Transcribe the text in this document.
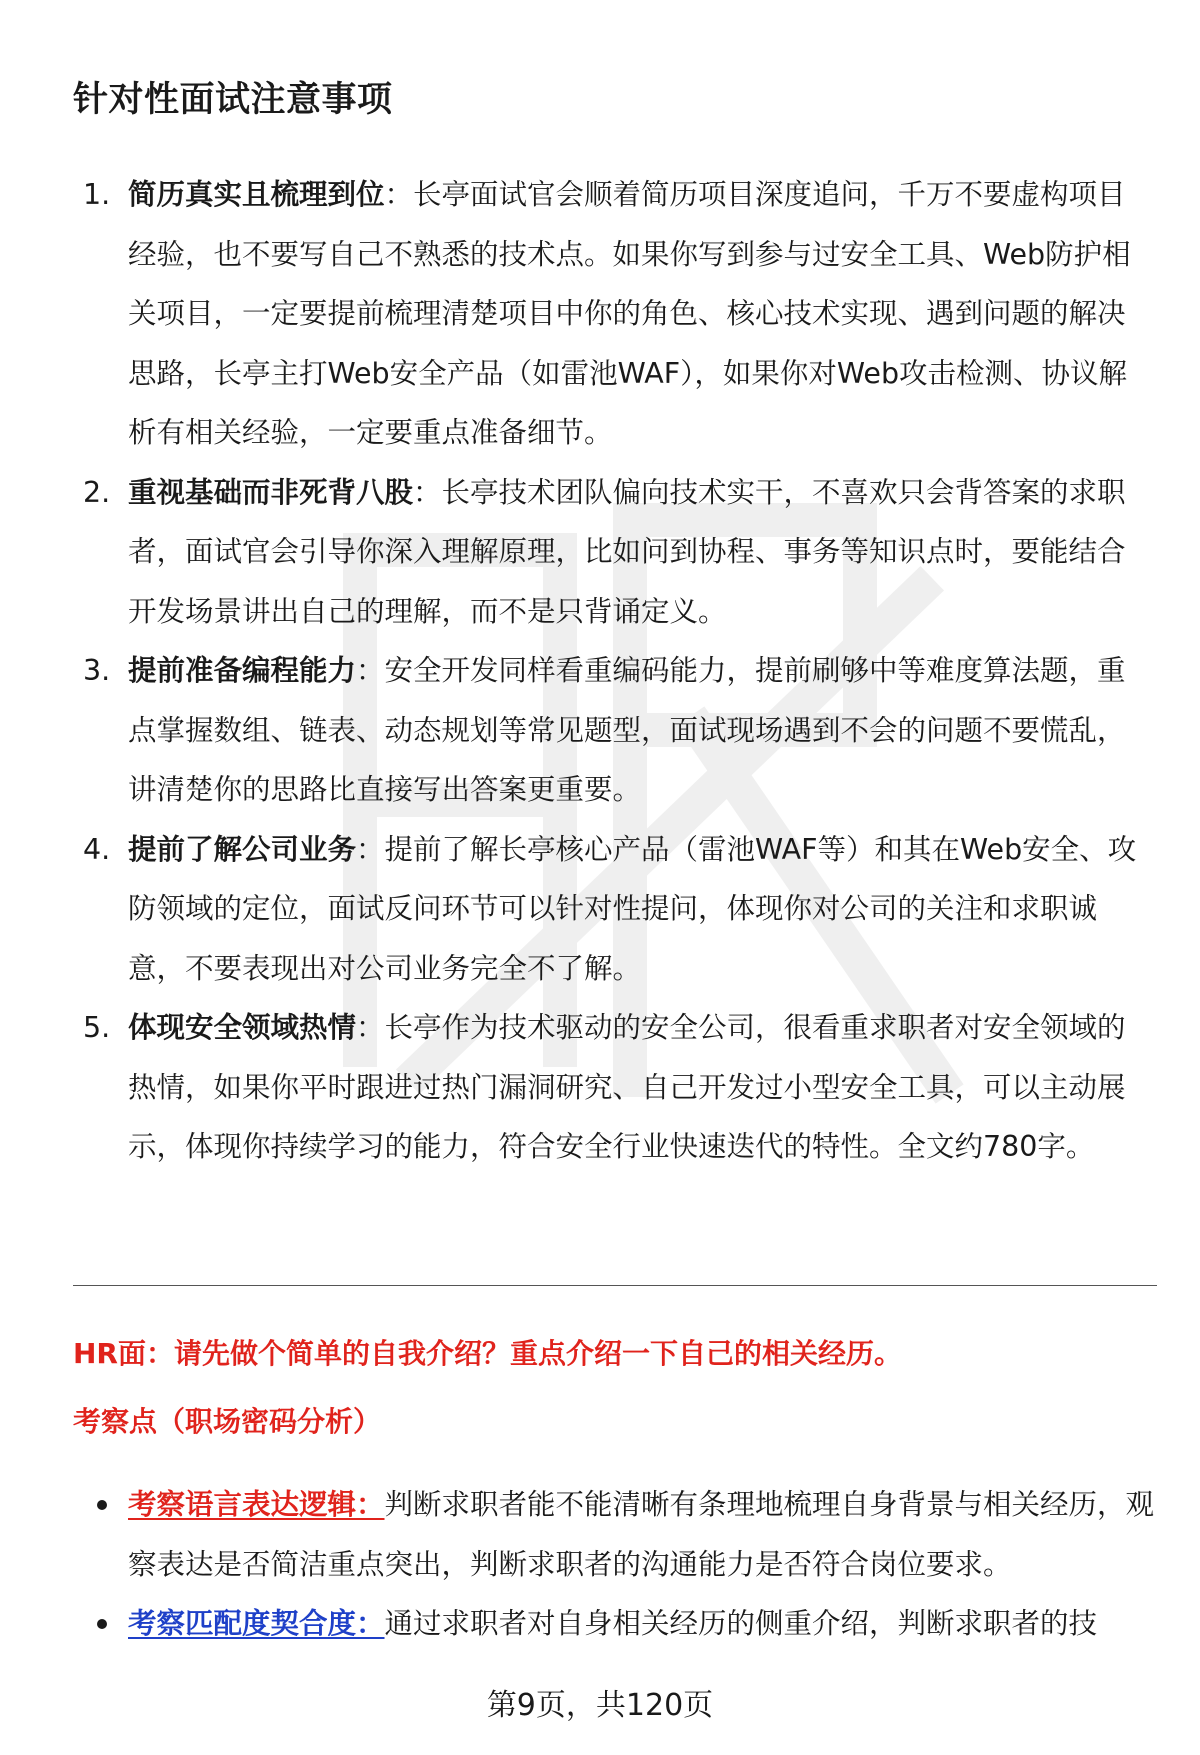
针对性面试注意事项
1. 简历真实且梳理到位：长亭面试官会顺着简历项目深度追问，千万不要虚构项目经验，也不要写自己不熟悉的技术点。如果你写到参与过安全工具、Web防护相关项目，一定要提前梳理清楚项目中你的角色、核心技术实现、遇到问题的解决思路，长亭主打Web安全产品（如雷池WAF），如果你对Web攻击检测、协议解析有相关经验，一定要重点准备细节。
2. 重视基础而非死背八股：长亭技术团队偏向技术实干，不喜欢只会背答案的求职者，面试官会引导你深入理解原理，比如问到协程、事务等知识点时，要能结合开发场景讲出自己的理解，而不是只背诵定义。
3. 提前准备编程能力：安全开发同样看重编码能力，提前刷够中等难度算法题，重点掌握数组、链表、动态规划等常见题型，面试现场遇到不会的问题不要慌乱，讲清楚你的思路比直接写出答案更重要。
4. 提前了解公司业务：提前了解长亭核心产品（雷池WAF等）和其在Web安全、攻防领域的定位，面试反问环节可以针对性提问，体现你对公司的关注和求职诚意，不要表现出对公司业务完全不了解。
5. 体现安全领域热情：长亭作为技术驱动的安全公司，很看重求职者对安全领域的热情，如果你平时跟进过热门漏洞研究、自己开发过小型安全工具，可以主动展示，体现你持续学习的能力，符合安全行业快速迭代的特性。全文约780字。

HR面：请先做个简单的自我介绍？重点介绍一下自己的相关经历。

考察点（职场密码分析）

考察语言表达逻辑：判断求职者能不能清晰有条理地梳理自身背景与相关经历，观察表达是否简洁重点突出，判断求职者的沟通能力是否符合岗位要求。
考察匹配度契合度：通过求职者对自身相关经历的侧重介绍，判断求职者的技
第9页，共120页
